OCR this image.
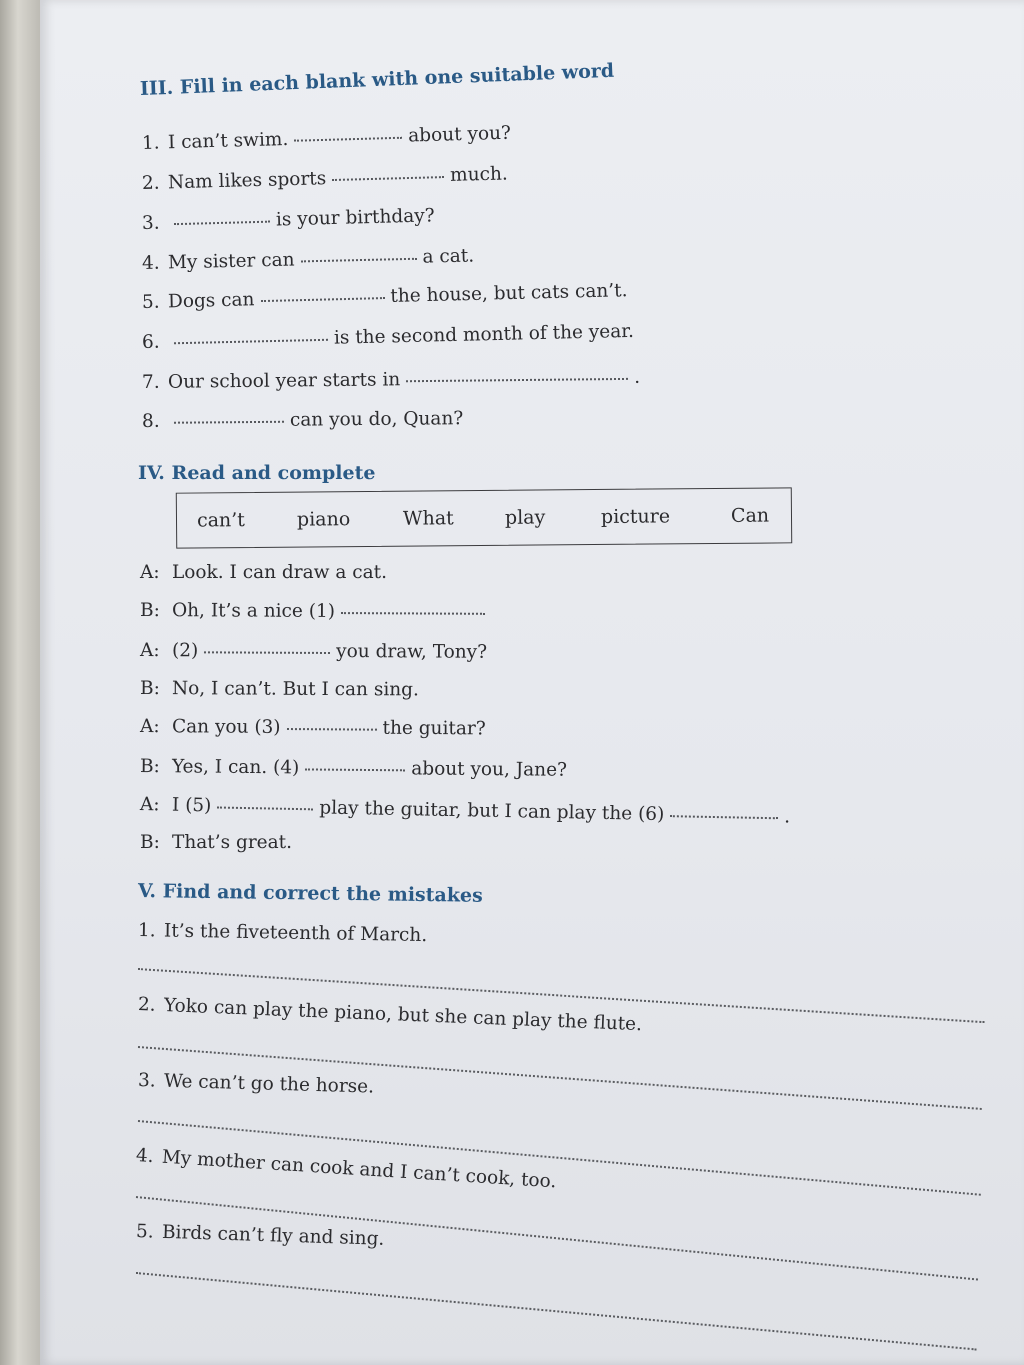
III. Fill in each blank with one suitable word
1. I can’t swim.	about you?
2. Nam likes sports	much.
3.	is your birthday?
4. My sister can	a cat.
5. Dogs can	the house, but cats can’t.
6.	is the second month of the year.
7. Our school year starts in	.
8.	can you do, Quan?
IV. Read and complete
can’t	piano	What	play	picture	Can
A: Look. I can draw a cat.
B: Oh, It’s a nice (1)
A: (2)	you draw, Tony?
B: No, I can’t. But I can sing.
A: Can you (3)	the guitar?
B: Yes, I can. (4)	about you, Jane?
A: I (5)	play the guitar, but I can play the (6)	.
B: That’s great.
V. Find and correct the mistakes
1. It’s the fiveteenth of March.
2. Yoko can play the piano, but she can play the flute.
3. We can’t go the horse.
4. My mother can cook and I can’t cook, too.
5. Birds can’t fly and sing.
